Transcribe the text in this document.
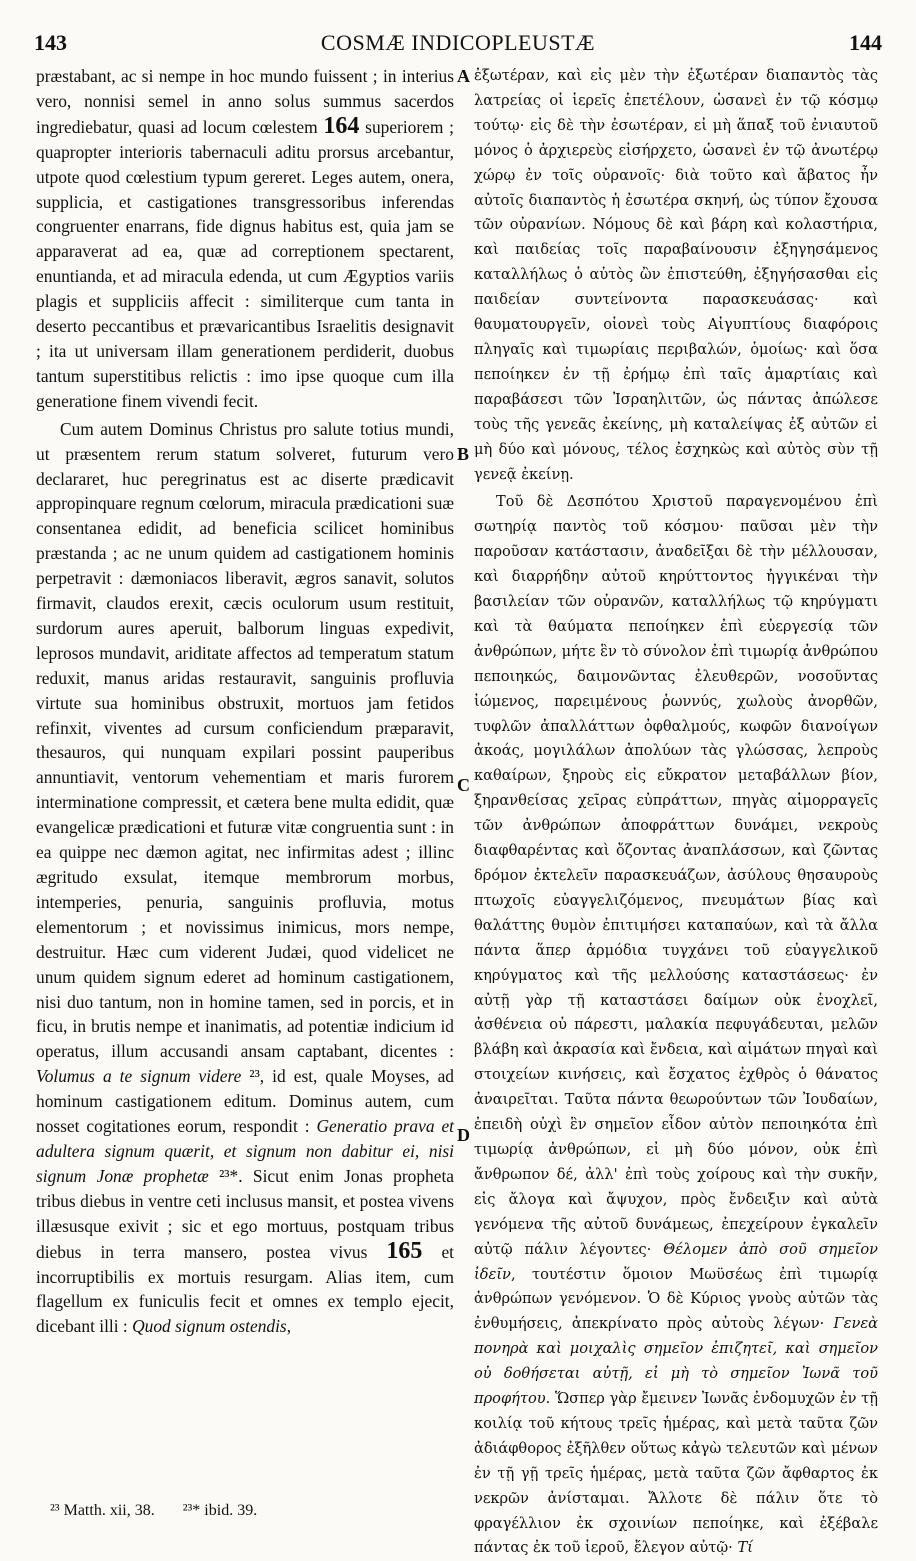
143	COSMÆ INDICOPLEUSTÆ	144

præstabant, ac si nempe in hoc mundo fuissent ; in interius vero, nonnisi semel in anno solus summus sacerdos ingrediebatur, quasi ad locum cœlestem 164 superiorem ; quapropter interioris tabernaculi aditu prorsus arcebantur, utpote quod cœlestium typum gereret. Leges autem, onera, supplicia, et castigationes transgressoribus inferendas congruenter enarrans, fide dignus habitus est, quia jam se apparaverat ad ea, quæ ad correptionem spectarent, enuntianda, et ad miracula edenda, ut cum Ægyptios variis plagis et suppliciis affecit : similiterque cum tanta in deserto peccantibus et prævaricantibus Israelitis designavit ; ita ut universam illam generationem perdiderit, duobus tantum superstitibus relictis : imo ipse quoque cum illa generatione finem vivendi fecit.

Cum autem Dominus Christus pro salute totius mundi, ut præsentem rerum statum solveret, futurum vero declararet, huc peregrinatus est ac diserte prædicavit appropinquare regnum cœlorum, miracula prædicationi suæ consentanea edidit, ad beneficia scilicet hominibus præstanda ; ac ne unum quidem ad castigationem hominis perpetravit : dæmoniacos liberavit, ægros sanavit, solutos firmavit, claudos erexit, cæcis oculorum usum restituit, surdorum aures aperuit, balborum linguas expedivit, leprosos mundavit, ariditate affectos ad temperatum statum reduxit, manus aridas restauravit, sanguinis profluvia virtute sua hominibus obstruxit, mortuos jam fetidos refinxit, viventes ad cursum conficiendum præparavit, thesauros, qui nunquam expilari possint pauperibus annuntiavit, ventorum vehementiam et maris furorem interminatione compressit, et cætera bene multa edidit, quæ evangelicæ prædicationi et futuræ vitæ congruentia sunt : in ea quippe nec dæmon agitat, nec infirmitas adest ; illinc ægritudo exsulat, itemque membrorum morbus, intemperies, penuria, sanguinis profluvia, motus elementorum ; et novissimus inimicus, mors nempe, destruitur. Hæc cum viderent Judæi, quod videlicet ne unum quidem signum ederet ad hominum castigationem, nisi duo tantum, non in homine tamen, sed in porcis, et in ficu, in brutis nempe et inanimatis, ad potentiæ indicium id operatus, illum accusandi ansam captabant, dicentes : Volumus a te signum videre ²³, id est, quale Moyses, ad hominum castigationem editum. Dominus autem, cum nosset cogitationes eorum, respondit : Generatio prava et adultera signum quærit, et signum non dabitur ei, nisi signum Jonæ prophetæ ²³*. Sicut enim Jonas propheta tribus diebus in ventre ceti inclusus mansit, et postea vivens illæsusque exivit ; sic et ego mortuus, postquam tribus diebus in terra mansero, postea vivus 165 et incorruptibilis ex mortuis resurgam. Alias item, cum flagellum ex funiculis fecit et omnes ex templo ejecit, dicebant illi : Quod signum ostendis,

A
B
C
D

ἐξωτέραν, καὶ εἰς μὲν τὴν ἐξωτέραν διαπαντὸς τὰς λατρείας οἱ ἱερεῖς ἐπετέλουν, ὡσανεὶ ἐν τῷ κόσμῳ τούτῳ· εἰς δὲ τὴν ἐσωτέραν, εἰ μὴ ἅπαξ τοῦ ἐνιαυτοῦ μόνος ὁ ἀρχιερεὺς εἰσήρχετο, ὡσανεὶ ἐν τῷ ἀνωτέρῳ χώρῳ ἐν τοῖς οὐρανοῖς· διὰ τοῦτο καὶ ἄβατος ἦν αὐτοῖς διαπαντὸς ἡ ἐσωτέρα σκηνή, ὡς τύπον ἔχουσα τῶν οὐρανίων. Νόμους δὲ καὶ βάρη καὶ κολαστήρια, καὶ παιδείας τοῖς παραβαίνουσιν ἐξηγησάμενος καταλλήλως ὁ αὐτὸς ὢν ἐπιστεύθη, ἐξηγήσασθαι εἰς παιδείαν συντείνοντα παρασκευάσας· καὶ θαυματουργεῖν, οἱονεὶ τοὺς Αἰγυπτίους διαφόροις πληγαῖς καὶ τιμωρίαις περιβαλών, ὁμοίως· καὶ ὅσα πεποίηκεν ἐν τῇ ἐρήμῳ ἐπὶ ταῖς ἁμαρτίαις καὶ παραβάσεσι τῶν Ἰσραηλιτῶν, ὡς πάντας ἀπώλεσε τοὺς τῆς γενεᾶς ἐκείνης, μὴ καταλείψας ἐξ αὐτῶν εἰ μὴ δύο καὶ μόνους, τέλος ἐσχηκὼς καὶ αὐτὸς σὺν τῇ γενεᾷ ἐκείνῃ.

Τοῦ δὲ Δεσπότου Χριστοῦ παραγενομένου ἐπὶ σωτηρίᾳ παντὸς τοῦ κόσμου· παῦσαι μὲν τὴν παροῦσαν κατάστασιν, ἀναδεῖξαι δὲ τὴν μέλλουσαν, καὶ διαρρήδην αὐτοῦ κηρύττοντος ἠγγικέναι τὴν βασιλείαν τῶν οὐρανῶν, καταλλήλως τῷ κηρύγματι καὶ τὰ θαύματα πεποίηκεν ἐπὶ εὐεργεσίᾳ τῶν ἀνθρώπων, μήτε ἓν τὸ σύνολον ἐπὶ τιμωρίᾳ ἀνθρώπου πεποιηκώς, δαιμονῶντας ἐλευθερῶν, νοσοῦντας ἰώμενος, παρειμένους ῥωννύς, χωλοὺς ἀνορθῶν, τυφλῶν ἀπαλλάττων ὀφθαλμούς, κωφῶν διανοίγων ἀκοάς, μογιλάλων ἀπολύων τὰς γλώσσας, λεπροὺς καθαίρων, ξηροὺς εἰς εὔκρατον μεταβάλλων βίον, ξηρανθείσας χεῖρας εὐπράττων, πηγὰς αἱμορραγεῖς τῶν ἀνθρώπων ἀποφράττων δυνάμει, νεκροὺς διαφθαρέντας καὶ ὄζοντας ἀναπλάσσων, καὶ ζῶντας δρόμον ἐκτελεῖν παρασκευάζων, ἀσύλους θησαυροὺς πτωχοῖς εὐαγγελιζόμενος, πνευμάτων βίας καὶ θαλάττης θυμὸν ἐπιτιμήσει καταπαύων, καὶ τὰ ἄλλα πάντα ἅπερ ἁρμόδια τυγχάνει τοῦ εὐαγγελικοῦ κηρύγματος καὶ τῆς μελλούσης καταστάσεως· ἐν αὐτῇ γὰρ τῇ καταστάσει δαίμων οὐκ ἐνοχλεῖ, ἀσθένεια οὐ πάρεστι, μαλακία πεφυγάδευται, μελῶν βλάβη καὶ ἀκρασία καὶ ἔνδεια, καὶ αἱμάτων πηγαὶ καὶ στοιχείων κινήσεις, καὶ ἔσχατος ἐχθρὸς ὁ θάνατος ἀναιρεῖται. Ταῦτα πάντα θεωρούντων τῶν Ἰουδαίων, ἐπειδὴ οὐχὶ ἓν σημεῖον εἶδον αὐτὸν πεποιηκότα ἐπὶ τιμωρίᾳ ἀνθρώπων, εἰ μὴ δύο μόνον, οὐκ ἐπὶ ἄνθρωπον δέ, ἀλλ' ἐπὶ τοὺς χοίρους καὶ τὴν συκῆν, εἰς ἄλογα καὶ ἄψυχον, πρὸς ἔνδειξιν καὶ αὐτὰ γενόμενα τῆς αὐτοῦ δυνάμεως, ἐπεχείρουν ἐγκαλεῖν αὐτῷ πάλιν λέγοντες· Θέλομεν ἀπὸ σοῦ σημεῖον ἰδεῖν, τουτέστιν ὅμοιον Μωϋσέως ἐπὶ τιμωρίᾳ ἀνθρώπων γενόμενον. Ὁ δὲ Κύριος γνοὺς αὐτῶν τὰς ἐνθυμήσεις, ἀπεκρίνατο πρὸς αὐτοὺς λέγων· Γενεὰ πονηρὰ καὶ μοιχαλὶς σημεῖον ἐπιζητεῖ, καὶ σημεῖον οὐ δοθήσεται αὐτῇ, εἰ μὴ τὸ σημεῖον Ἰωνᾶ τοῦ προφήτου. Ὥσπερ γὰρ ἔμεινεν Ἰωνᾶς ἐνδομυχῶν ἐν τῇ κοιλίᾳ τοῦ κήτους τρεῖς ἡμέρας, καὶ μετὰ ταῦτα ζῶν ἀδιάφθορος ἐξῆλθεν οὕτως κἀγὼ τελευτῶν καὶ μένων ἐν τῇ γῇ τρεῖς ἡμέρας, μετὰ ταῦτα ζῶν ἄφθαρτος ἐκ νεκρῶν ἀνίσταμαι. Ἄλλοτε δὲ πάλιν ὅτε τὸ φραγέλλιον ἐκ σχοινίων πεποίηκε, καὶ ἐξέβαλε πάντας ἐκ τοῦ ἱεροῦ, ἔλεγον αὐτῷ· Τί

²³ Matth. xii, 38. ²³* ibid. 39.
